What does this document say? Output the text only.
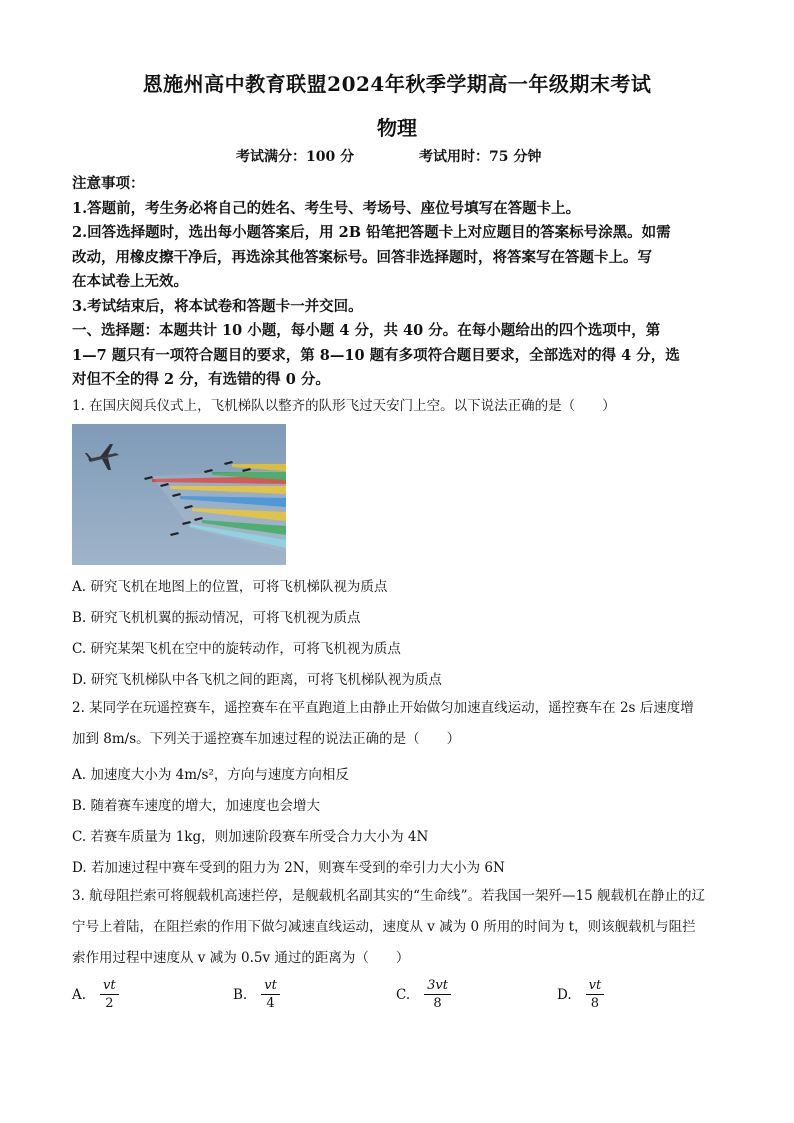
恩施州高中教育联盟2024年秋季学期高一年级期末考试
物理
考试满分：100 分	考试用时：75 分钟

注意事项：

1.答题前，考生务必将自己的姓名、考生号、考场号、座位号填写在答题卡上。

2.回答选择题时，选出每小题答案后，用 2B 铅笔把答题卡上对应题目的答案标号涂黑。如需

改动，用橡皮擦干净后，再选涂其他答案标号。回答非选择题时，将答案写在答题卡上。写

在本试卷上无效。

3.考试结束后，将本试卷和答题卡一并交回。

一、选择题：本题共计 10 小题，每小题 4 分，共 40 分。在每小题给出的四个选项中，第

1—7 题只有一项符合题目的要求，第 8—10 题有多项符合题目要求，全部选对的得 4 分，选

对但不全的得 2 分，有选错的得 0 分。

1. 在国庆阅兵仪式上，飞机梯队以整齐的队形飞过天安门上空。以下说法正确的是（　　）
A. 研究飞机在地图上的位置，可将飞机梯队视为质点
B. 研究飞机机翼的振动情况，可将飞机视为质点
C. 研究某架飞机在空中的旋转动作，可将飞机视为质点
D. 研究飞机梯队中各飞机之间的距离，可将飞机梯队视为质点

2. 某同学在玩遥控赛车，遥控赛车在平直跑道上由静止开始做匀加速直线运动，遥控赛车在 2s 后速度增

加到 8m/s。下列关于遥控赛车加速过程的说法正确的是（　　）

A. 加速度大小为 4m/s²，方向与速度方向相反
B. 随着赛车速度的增大，加速度也会增大
C. 若赛车质量为 1kg，则加速阶段赛车所受合力大小为 4N
D. 若加速过程中赛车受到的阻力为 2N，则赛车受到的牵引力大小为 6N

3. 航母阻拦索可将舰载机高速拦停，是舰载机名副其实的“生命线”。若我国一架歼—15 舰载机在静止的辽

宁号上着陆，在阻拦索的作用下做匀减速直线运动，速度从 v 减为 0 所用的时间为 t，则该舰载机与阻拦

索作用过程中速度从 v 减为 0.5v 通过的距离为（　　）

A. $\frac{vt}{2}$	B. $\frac{vt}{4}$	C. $\frac{3vt}{8}$	D. $\frac{vt}{8}$
